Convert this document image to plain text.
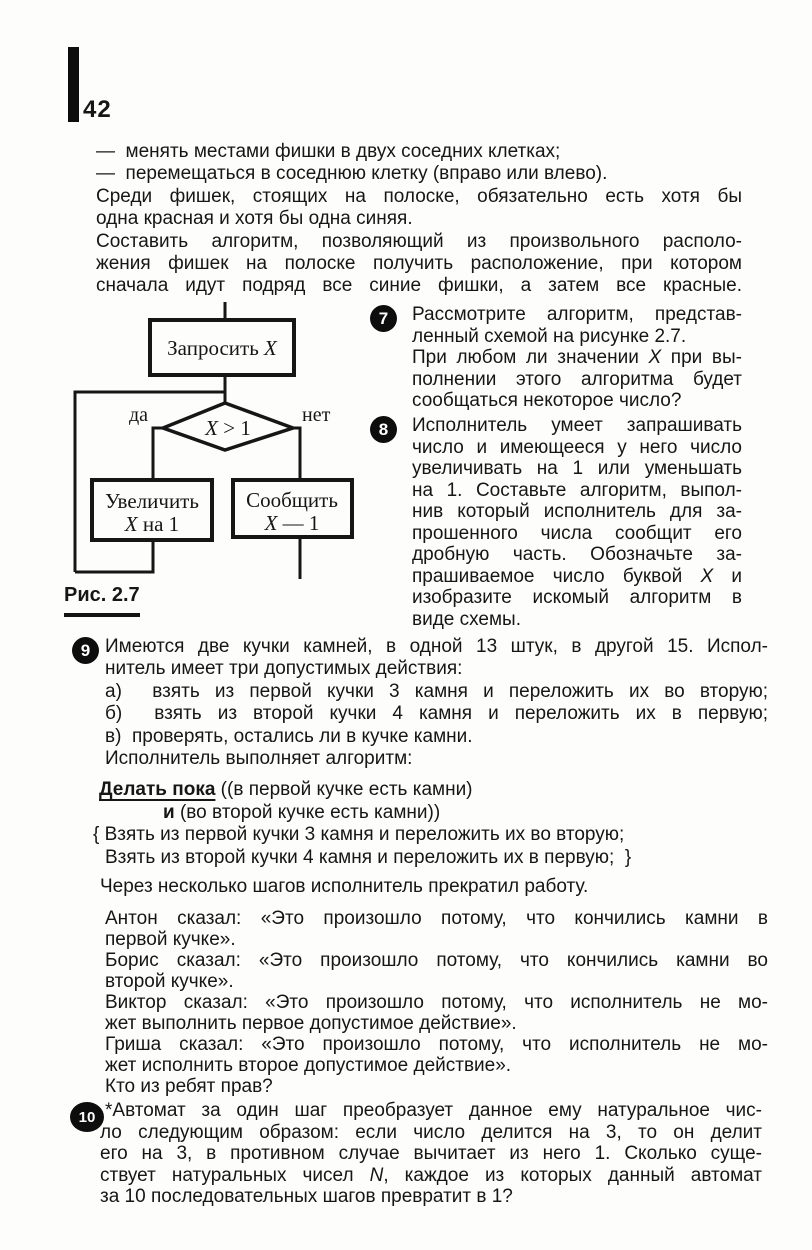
42
—  менять местами фишки в двух соседних клетках;
—  перемещаться в соседнюю клетку (вправо или влево).
Среди фишек, стоящих на полоске, обязательно есть хотя бы
одна красная и хотя бы одна синяя.
Составить алгоритм, позволяющий из произвольного располо-
жения фишек на полоске получить расположение, при котором
сначала идут подряд все синие фишки, а затем все красные.
Запросить X
X > 1
да	нет
Увеличить
X на 1
Сообщить
X — 1
Рис. 2.7
7	Рассмотрите алгоритм, представ-
ленный схемой на рисунке 2.7.
При любом ли значении X при вы-
полнении этого алгоритма будет
сообщаться некоторое число?
8	Исполнитель умеет запрашивать
число и имеющееся у него число
увеличивать на 1 или уменьшать
на 1. Составьте алгоритм, выпол-
нив который исполнитель для за-
прошенного числа сообщит его
дробную часть. Обозначьте за-
прашиваемое число буквой X и
изобразите искомый алгоритм в
виде схемы.
9 Имеются две кучки камней, в одной 13 штук, в другой 15. Испол-
нитель имеет три допустимых действия:
а)  взять из первой кучки 3 камня и переложить их во вторую;
б)  взять из второй кучки 4 камня и переложить их в первую;
в)  проверять, остались ли в кучке камни.
Исполнитель выполняет алгоритм:
Делать пока ((в первой кучке есть камни)
и (во второй кучке есть камни))
{ Взять из первой кучки 3 камня и переложить их во вторую;
Взять из второй кучки 4 камня и переложить их в первую;  }
Через несколько шагов исполнитель прекратил работу.
Антон сказал: «Это произошло потому, что кончились камни в
первой кучке».
Борис сказал: «Это произошло потому, что кончились камни во
второй кучке».
Виктор сказал: «Это произошло потому, что исполнитель не мо-
жет выполнить первое допустимое действие».
Гриша сказал: «Это произошло потому, что исполнитель не мо-
жет исполнить второе допустимое действие».
Кто из ребят прав?
10 *Автомат за один шаг преобразует данное ему натуральное чис-
ло следующим образом: если число делится на 3, то он делит
его на 3, в противном случае вычитает из него 1. Сколько суще-
ствует натуральных чисел N, каждое из которых данный автомат
за 10 последовательных шагов превратит в 1?
